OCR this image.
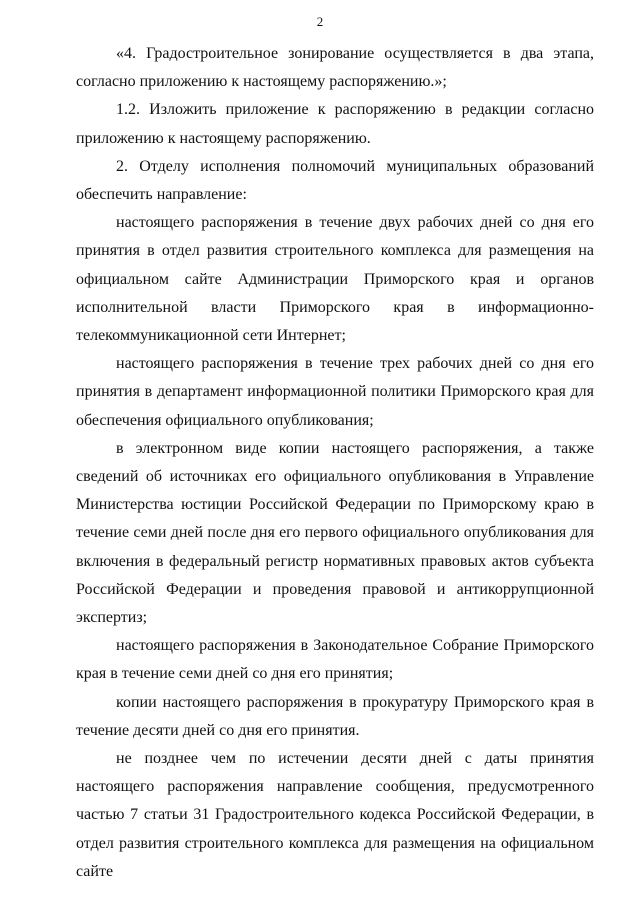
2

«4. Градостроительное зонирование осуществляется в два этапа, согласно приложению к настоящему распоряжению.»;

1.2. Изложить приложение к распоряжению в редакции согласно приложению к настоящему распоряжению.

2. Отделу исполнения полномочий муниципальных образований обеспечить направление:

настоящего распоряжения в течение двух рабочих дней со дня его принятия в отдел развития строительного комплекса для размещения на официальном сайте Администрации Приморского края и органов исполнительной власти Приморского края в информационно-телекоммуникационной сети Интернет;

настоящего распоряжения в течение трех рабочих дней со дня его принятия в департамент информационной политики Приморского края для обеспечения официального опубликования;

в электронном виде копии настоящего распоряжения, а также сведений об источниках его официального опубликования в Управление Министерства юстиции Российской Федерации по Приморскому краю в течение семи дней после дня его первого официального опубликования для включения в федеральный регистр нормативных правовых актов субъекта Российской Федерации и проведения правовой и антикоррупционной экспертиз;

настоящего распоряжения в Законодательное Собрание Приморского края в течение семи дней со дня его принятия;

копии настоящего распоряжения в прокуратуру Приморского края в течение десяти дней со дня его принятия.

не позднее чем по истечении десяти дней с даты принятия настоящего распоряжения направление сообщения, предусмотренного частью 7 статьи 31 Градостроительного кодекса Российской Федерации, в отдел развития строительного комплекса для размещения на официальном сайте
